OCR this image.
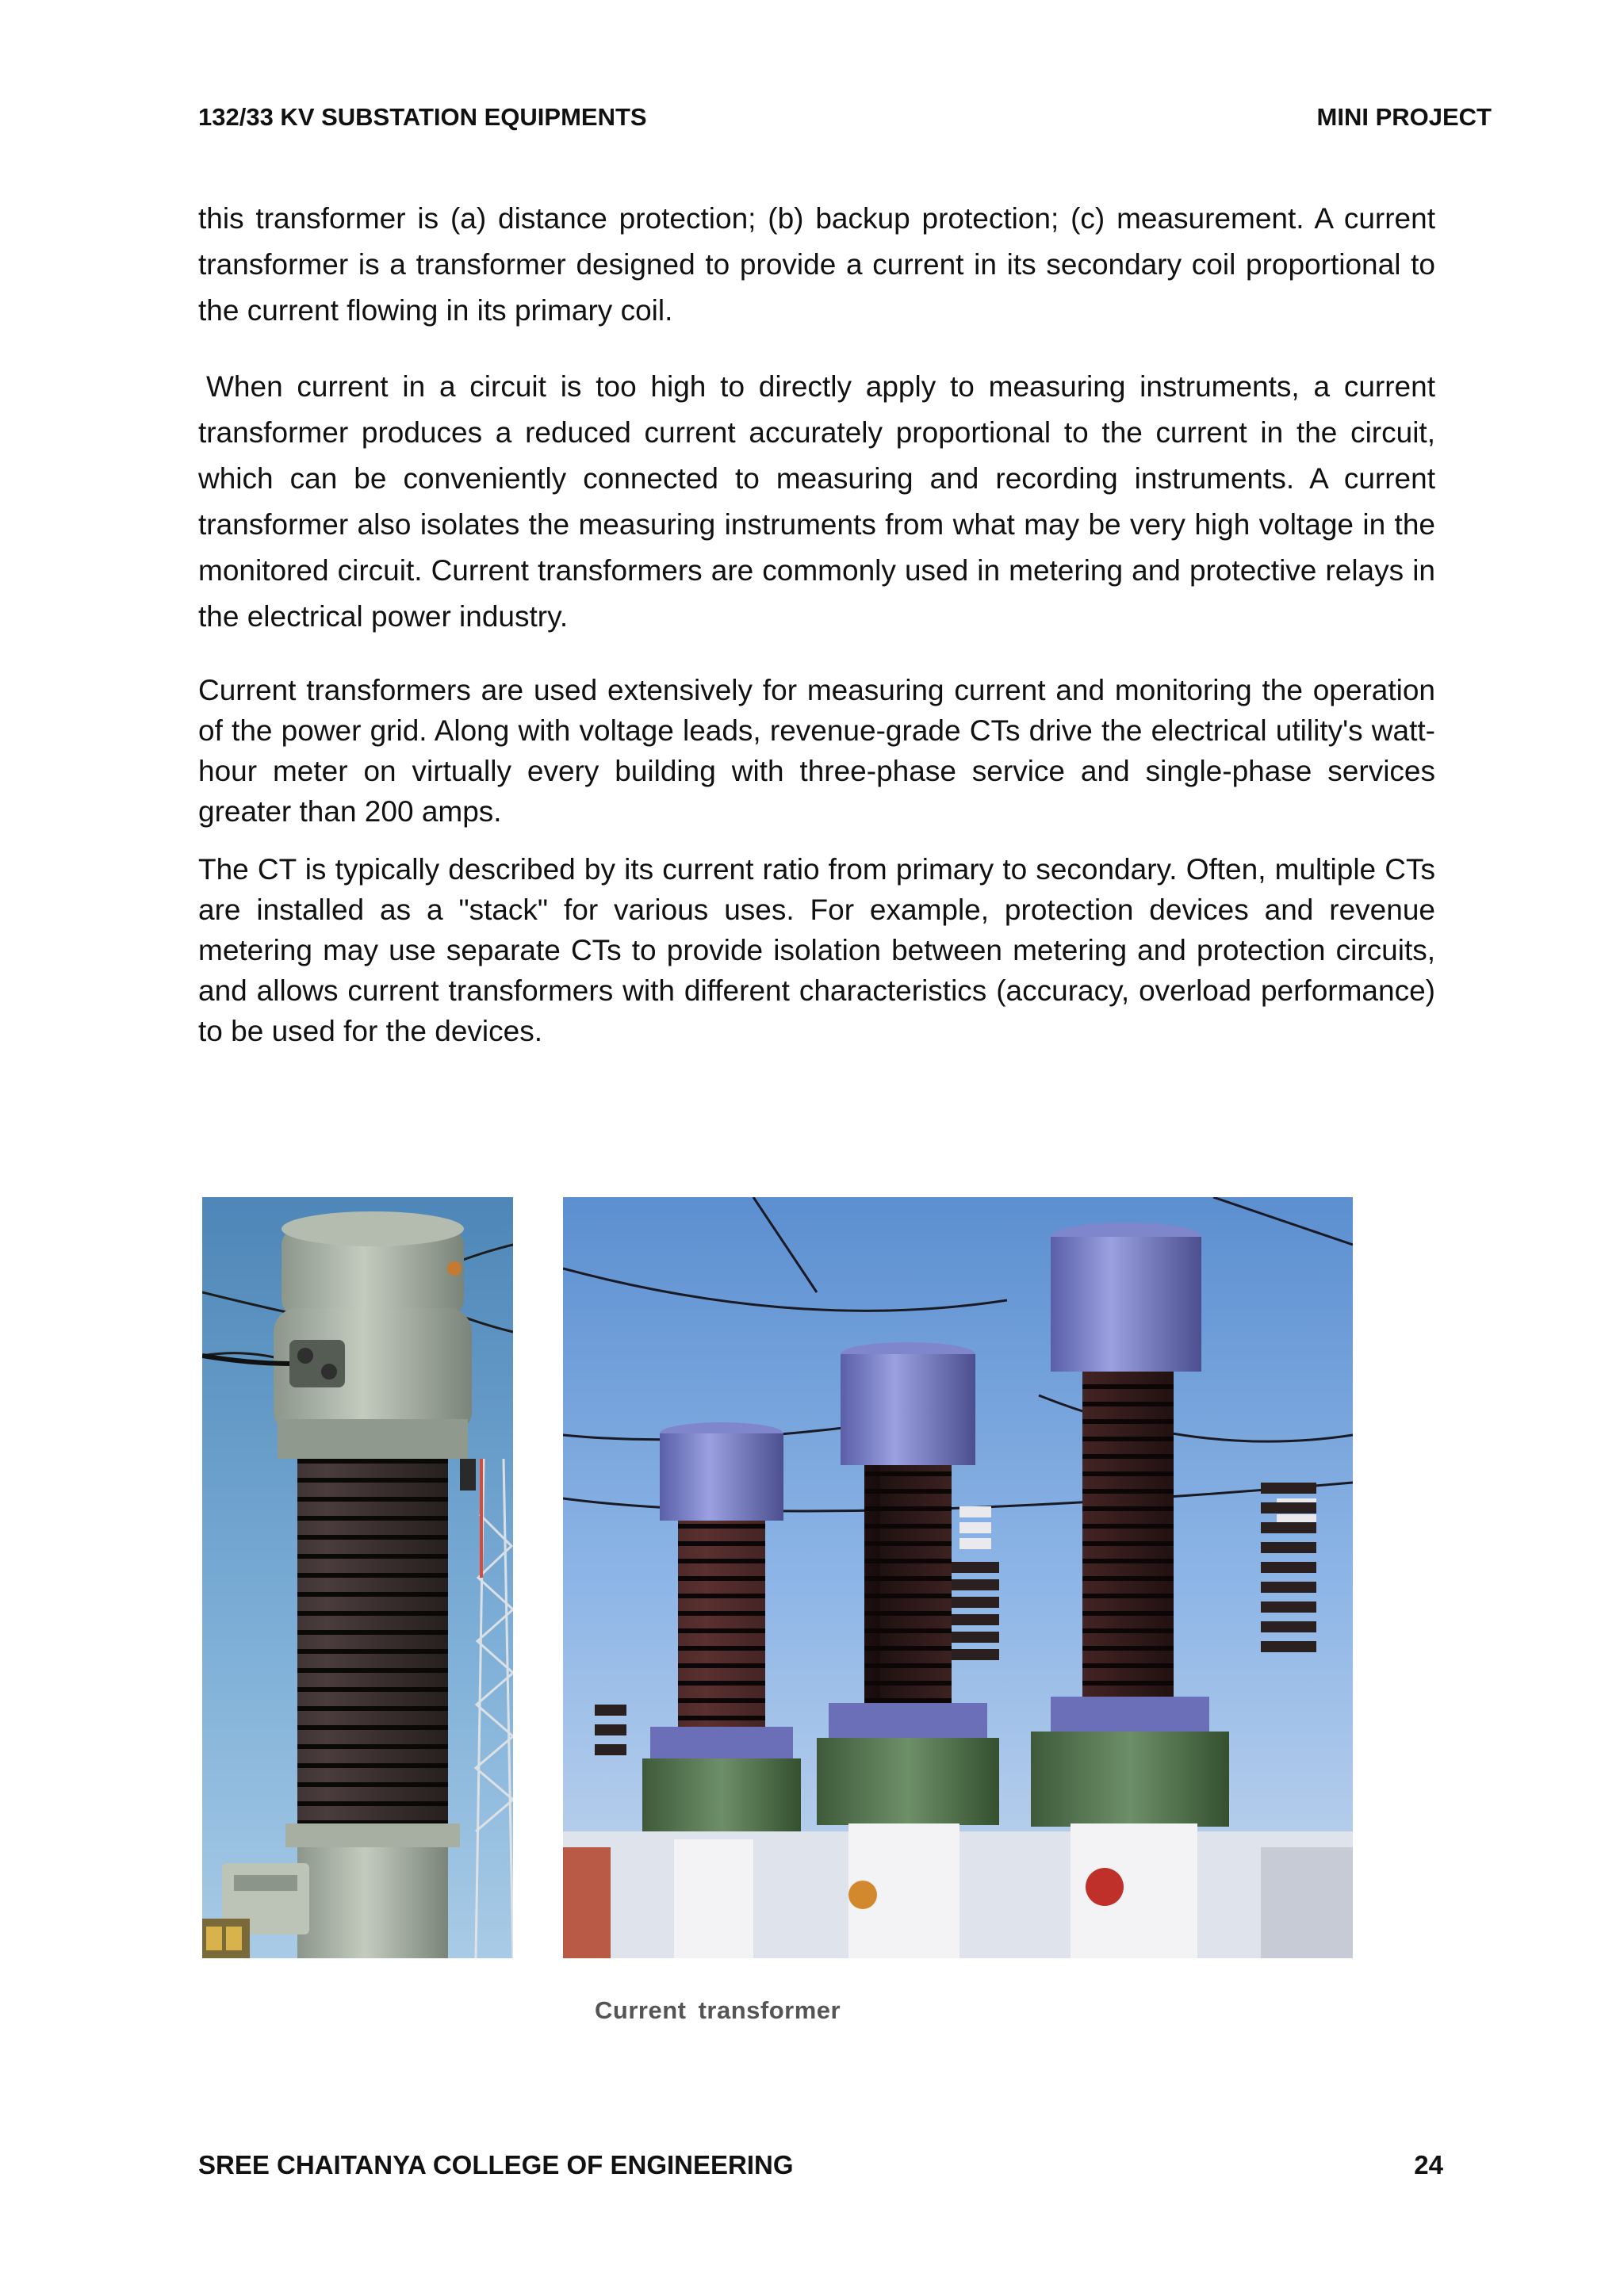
132/33 KV SUBSTATION EQUIPMENTS	MINI PROJECT

this transformer is (a) distance protection; (b) backup protection; (c) measurement. A current transformer is a transformer designed to provide a current in its secondary coil proportional to the current flowing in its primary coil.

When current in a circuit is too high to directly apply to measuring instruments, a current transformer produces a reduced current accurately proportional to the current in the circuit, which can be conveniently connected to measuring and recording instruments. A current transformer also isolates the measuring instruments from what may be very high voltage in the monitored circuit. Current transformers are commonly used in metering and protective relays in the electrical power industry.

Current transformers are used extensively for measuring current and monitoring the operation of the power grid. Along with voltage leads, revenue-grade CTs drive the electrical utility's watt-hour meter on virtually every building with three-phase service and single-phase services greater than 200 amps.

The CT is typically described by its current ratio from primary to secondary. Often, multiple CTs are installed as a "stack" for various uses. For example, protection devices and revenue metering may use separate CTs to provide isolation between metering and protection circuits, and allows current transformers with different characteristics (accuracy, overload performance) to be used for the devices.

Current transformer
SREE CHAITANYA COLLEGE OF ENGINEERING	24
